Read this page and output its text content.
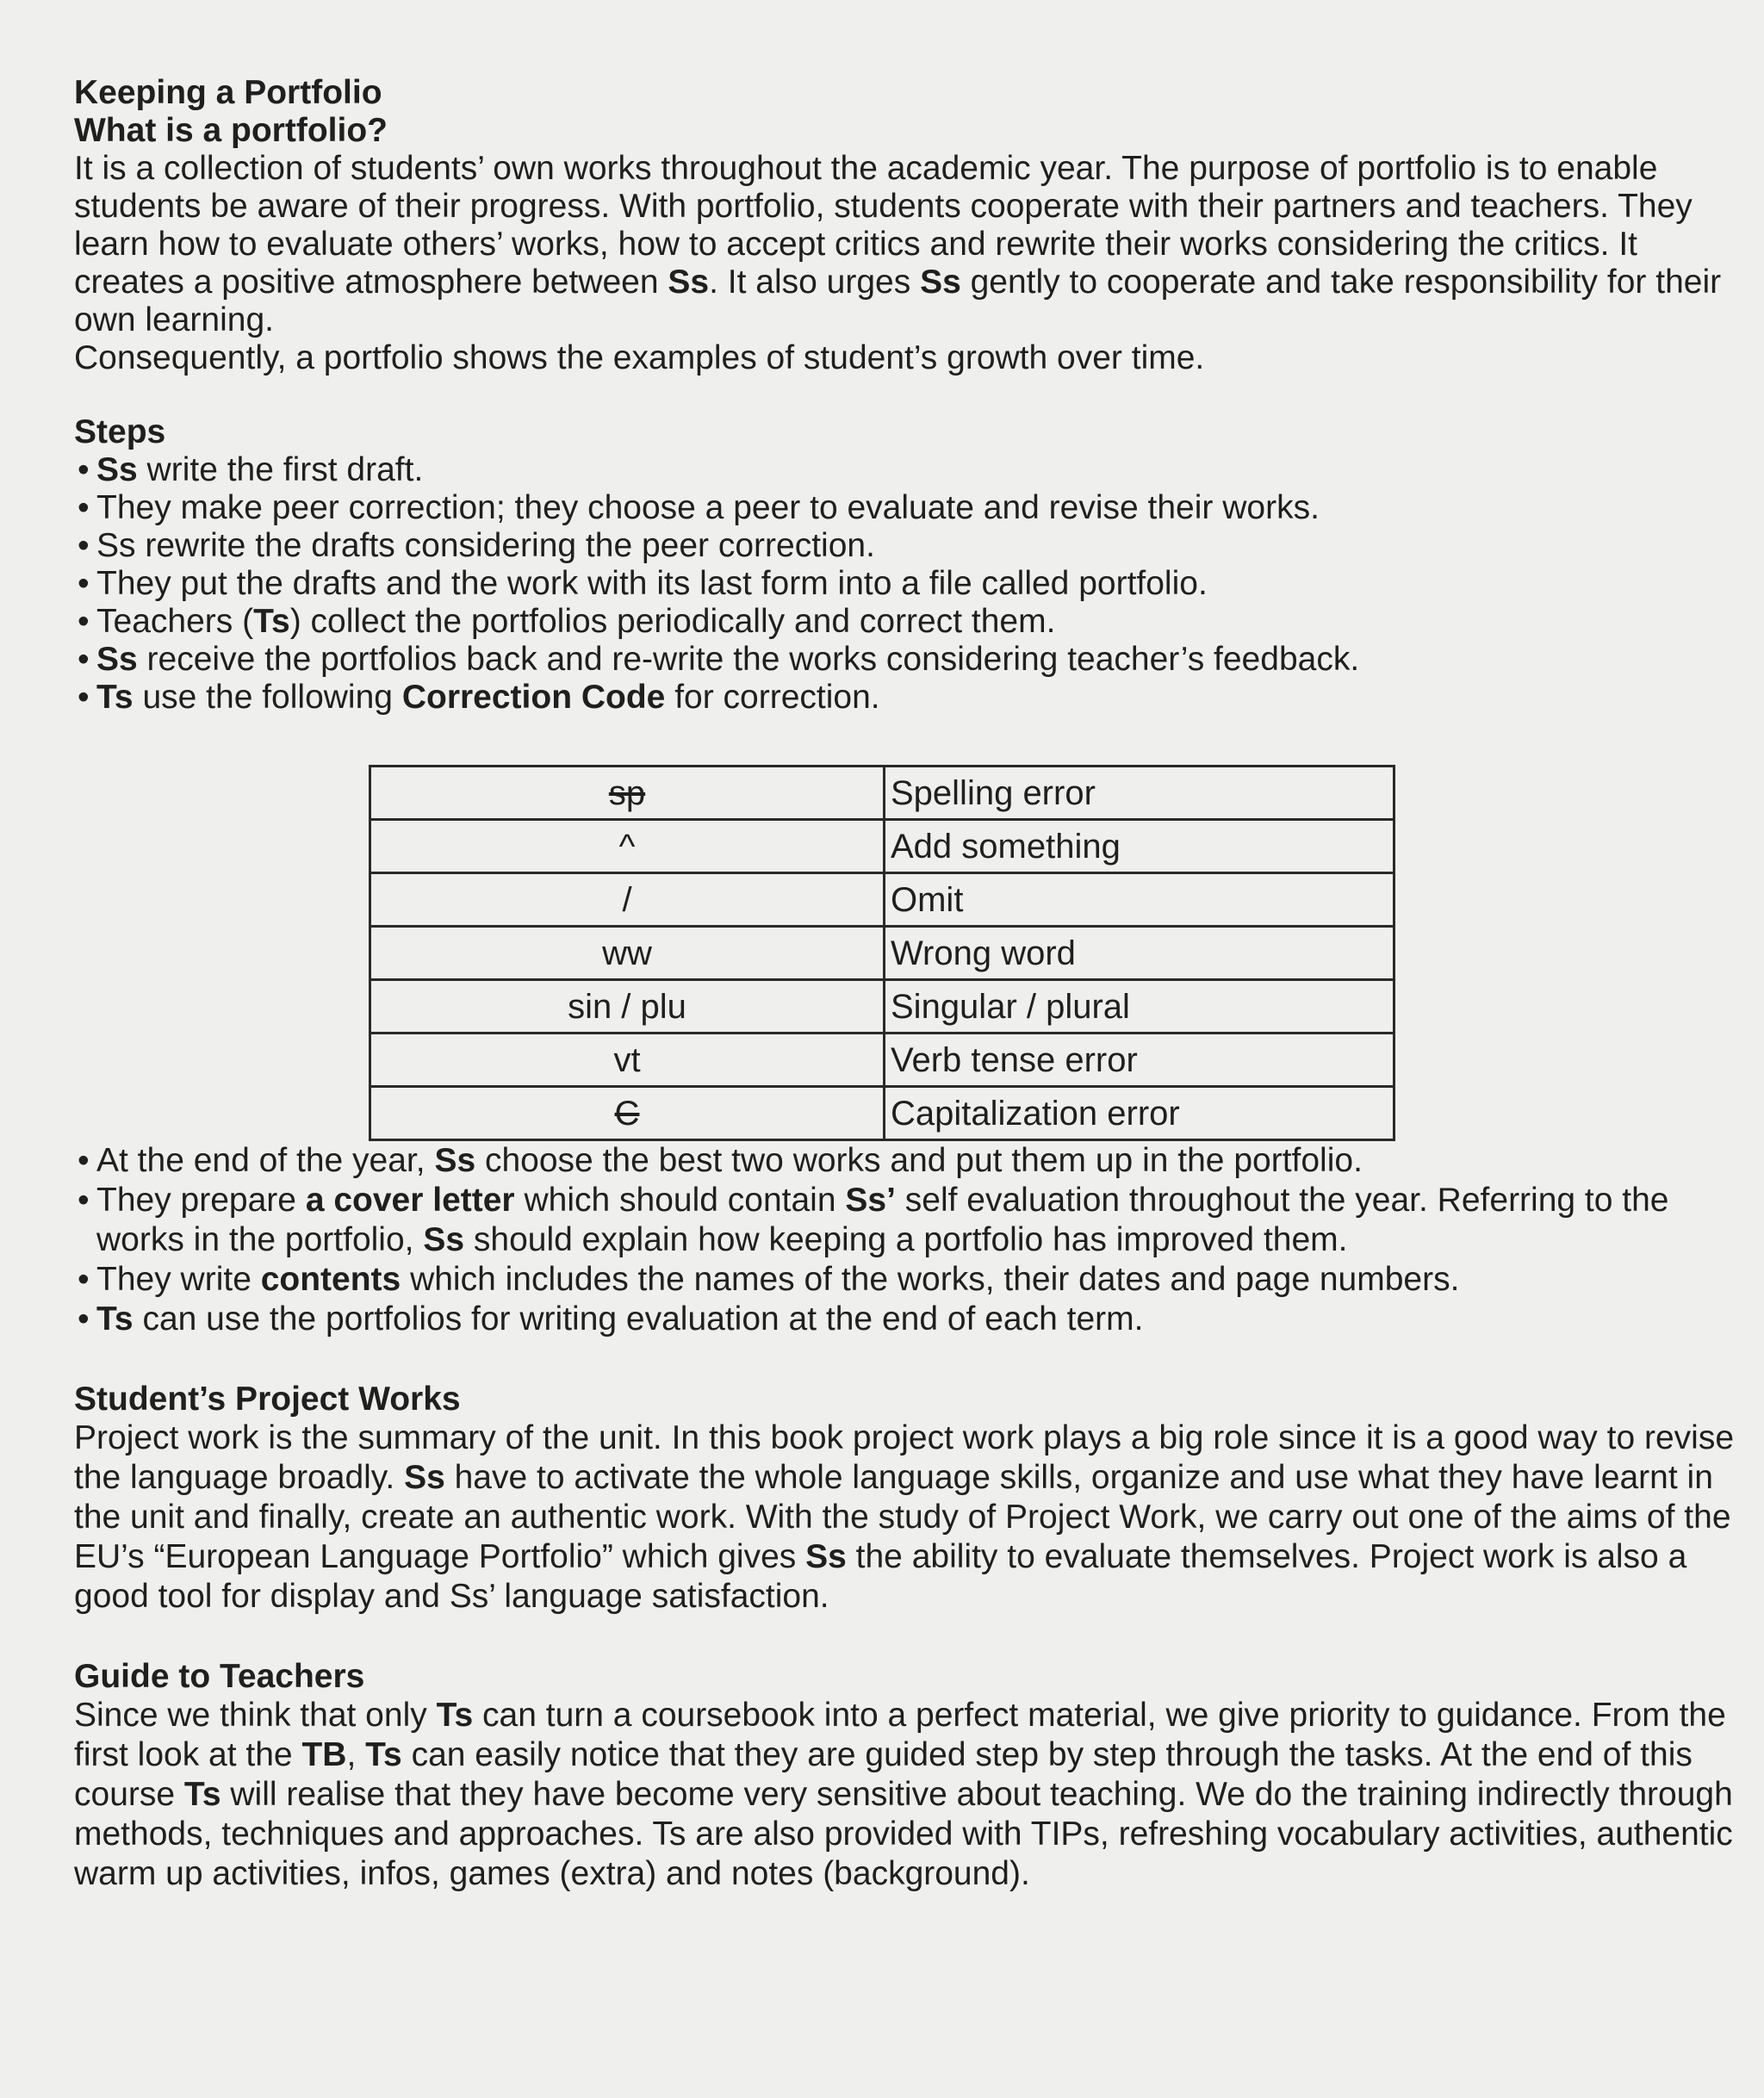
Keeping a Portfolio
What is a portfolio?

It is a collection of students’ own works throughout the academic year. The purpose of portfolio is to enable students be aware of their progress. With portfolio, students cooperate with their partners and teachers. They learn how to evaluate others’ works, how to accept critics and rewrite their works considering the critics. It creates a positive atmosphere between Ss. It also urges Ss gently to cooperate and take responsibility for their own learning.

Consequently, a portfolio shows the examples of student’s growth over time.

Steps
• Ss write the first draft.
• They make peer correction; they choose a peer to evaluate and revise their works.
• Ss rewrite the drafts considering the peer correction.
• They put the drafts and the work with its last form into a file called portfolio.
• Teachers (Ts) collect the portfolios periodically and correct them.
• Ss receive the portfolios back and re-write the works considering teacher’s feedback.
• Ts use the following Correction Code for correction.
sp	Spelling error
^	Add something
/	Omit
ww	Wrong word
sin / plu	Singular / plural
vt	Verb tense error
C	Capitalization error
• At the end of the year, Ss choose the best two works and put them up in the portfolio.
• They prepare a cover letter which should contain Ss’ self evaluation throughout the year. Referring to the works in the portfolio, Ss should explain how keeping a portfolio has improved them.
• They write contents which includes the names of the works, their dates and page numbers.
• Ts can use the portfolios for writing evaluation at the end of each term.
Student’s Project Works

Project work is the summary of the unit. In this book project work plays a big role since it is a good way to revise the language broadly. Ss have to activate the whole language skills, organize and use what they have learnt in the unit and finally, create an authentic work. With the study of Project Work, we carry out one of the aims of the EU’s “European Language Portfolio” which gives Ss the ability to evaluate themselves. Project work is also a good tool for display and Ss’ language satisfaction.

Guide to Teachers

Since we think that only Ts can turn a coursebook into a perfect material, we give priority to guidance. From the first look at the TB, Ts can easily notice that they are guided step by step through the tasks. At the end of this course Ts will realise that they have become very sensitive about teaching. We do the training indirectly through methods, techniques and approaches. Ts are also provided with TIPs, refreshing vocabulary activities, authentic warm up activities, infos, games (extra) and notes (background).
